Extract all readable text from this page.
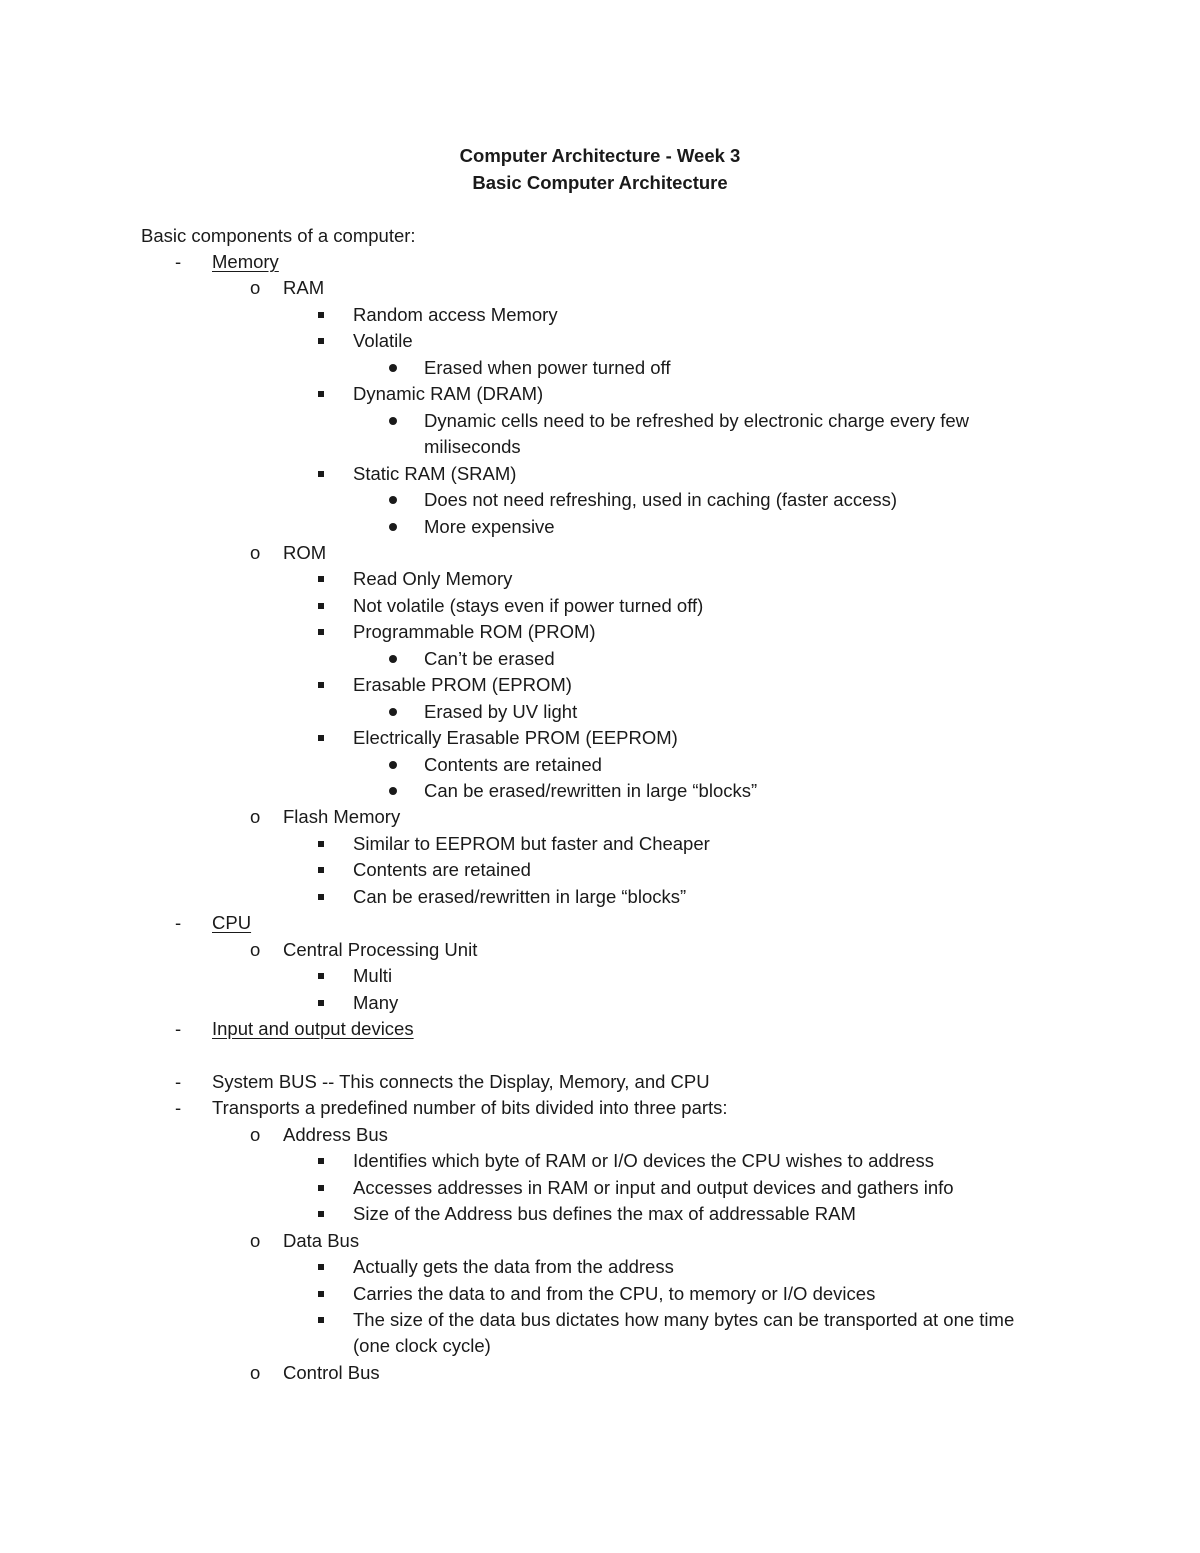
Computer Architecture - Week 3
Basic Computer Architecture
Basic components of a computer:
- Memory
o RAM
Random access Memory
Volatile
Erased when power turned off
Dynamic RAM (DRAM)
Dynamic cells need to be refreshed by electronic charge every few
miliseconds
Static RAM (SRAM)
Does not need refreshing, used in caching (faster access)
More expensive
o ROM
Read Only Memory
Not volatile (stays even if power turned off)
Programmable ROM (PROM)
Can’t be erased
Erasable PROM (EPROM)
Erased by UV light
Electrically Erasable PROM (EEPROM)
Contents are retained
Can be erased/rewritten in large “blocks”
o Flash Memory
Similar to EEPROM but faster and Cheaper
Contents are retained
Can be erased/rewritten in large “blocks”
- CPU
o Central Processing Unit
Multi
Many
- Input and output devices
- System BUS -- This connects the Display, Memory, and CPU
- Transports a predefined number of bits divided into three parts:
o Address Bus
Identifies which byte of RAM or I/O devices the CPU wishes to address
Accesses addresses in RAM or input and output devices and gathers info
Size of the Address bus defines the max of addressable RAM
o Data Bus
Actually gets the data from the address
Carries the data to and from the CPU, to memory or I/O devices
The size of the data bus dictates how many bytes can be transported at one time
(one clock cycle)
o Control Bus
